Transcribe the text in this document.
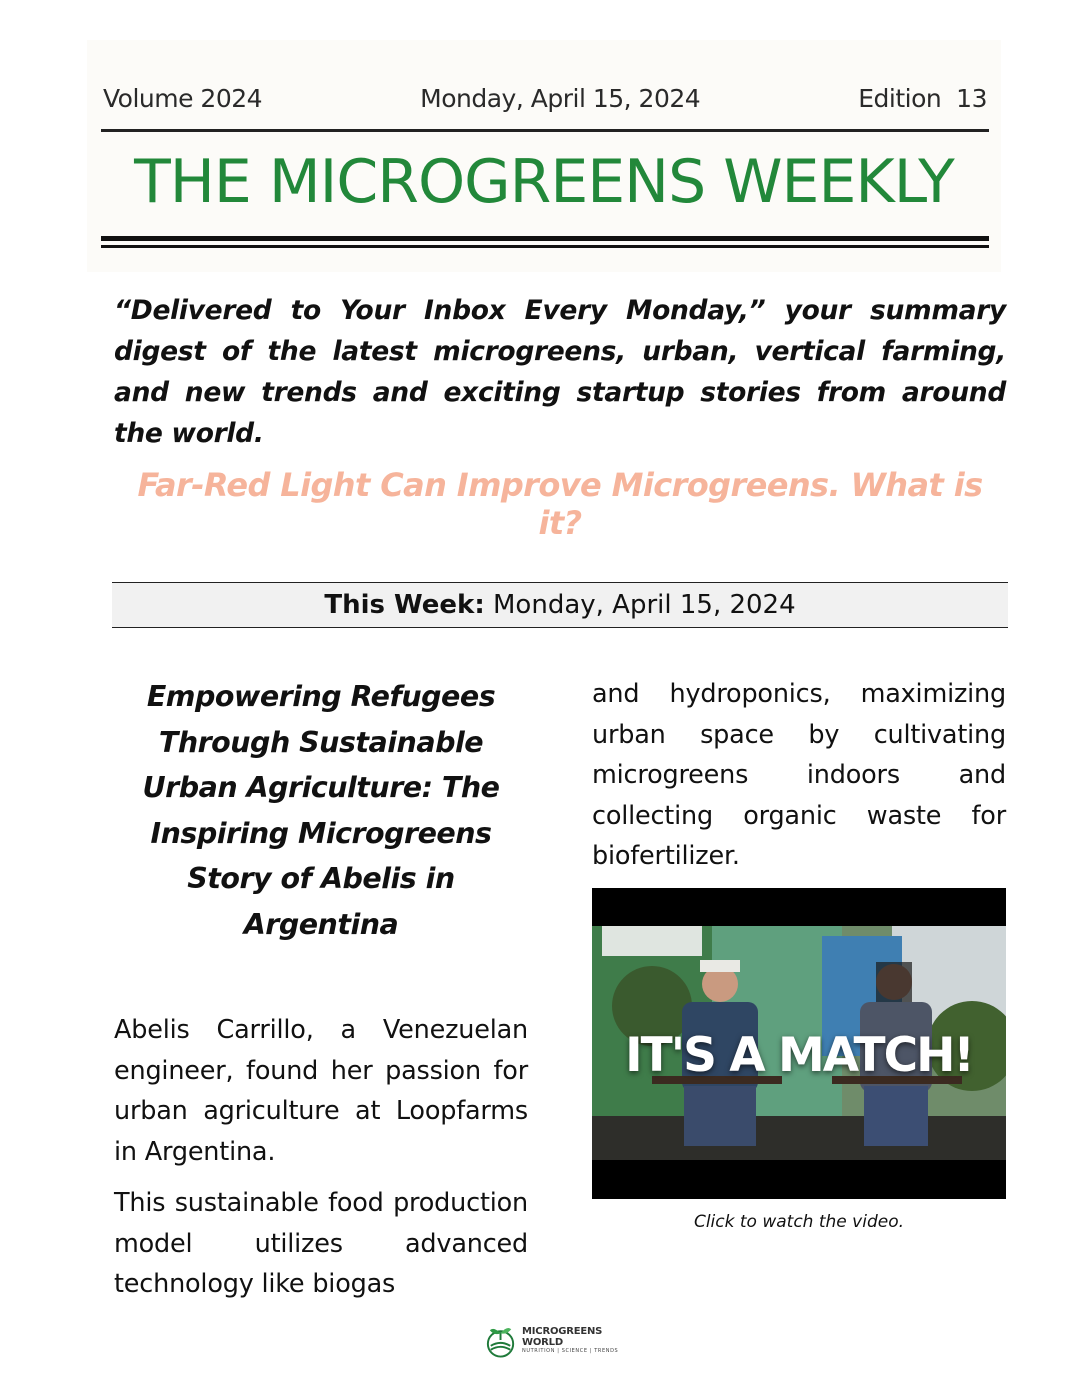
Volume 2024	Monday, April 15, 2024	Edition  13
THE MICROGREENS WEEKLY

“Delivered to Your Inbox Every Monday,” your summary digest of the latest microgreens, urban, vertical farming, and new trends and exciting startup stories from around the world.

Far-Red Light Can Improve Microgreens. What is it?
This Week: Monday, April 15, 2024
Empowering Refugees Through Sustainable Urban Agriculture: The Inspiring Microgreens Story of Abelis in Argentina

Abelis Carrillo, a Venezuelan engineer, found her passion for urban agriculture at Loopfarms in Argentina.

This sustainable food production model utilizes advanced technology like biogas

and hydroponics, maximizing urban space by cultivating microgreens indoors and collecting organic waste for biofertilizer.

IT'S A MATCH!
Click to watch the video.
MICROGREENS WORLD
NUTRITION | SCIENCE | TRENDS
